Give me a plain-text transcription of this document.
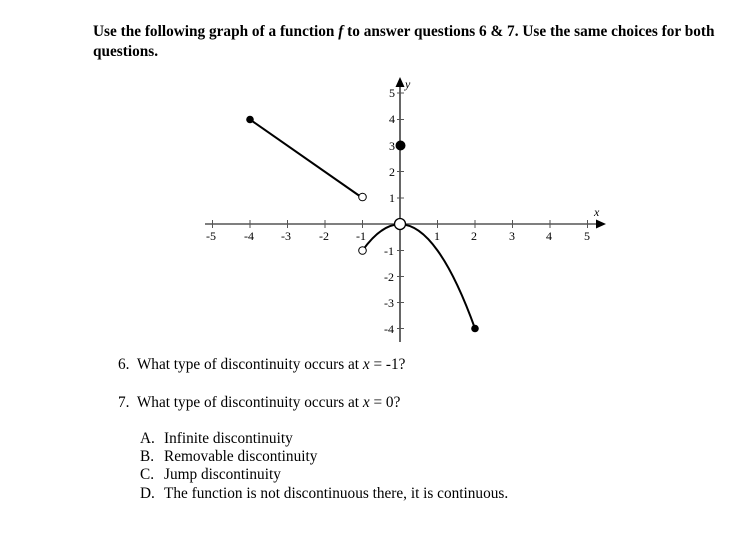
Use the following graph of a function f to answer questions 6 & 7. Use the same choices for both questions.
-5 -4 -3 -2 -1	1	2	3	4	5
5
4
3
2
1
-1
-2
-3
-4
x
y
6. What type of discontinuity occurs at x = -1?
7. What type of discontinuity occurs at x = 0?
A. Infinite discontinuity
B. Removable discontinuity
C. Jump discontinuity
D. The function is not discontinuous there, it is continuous.
